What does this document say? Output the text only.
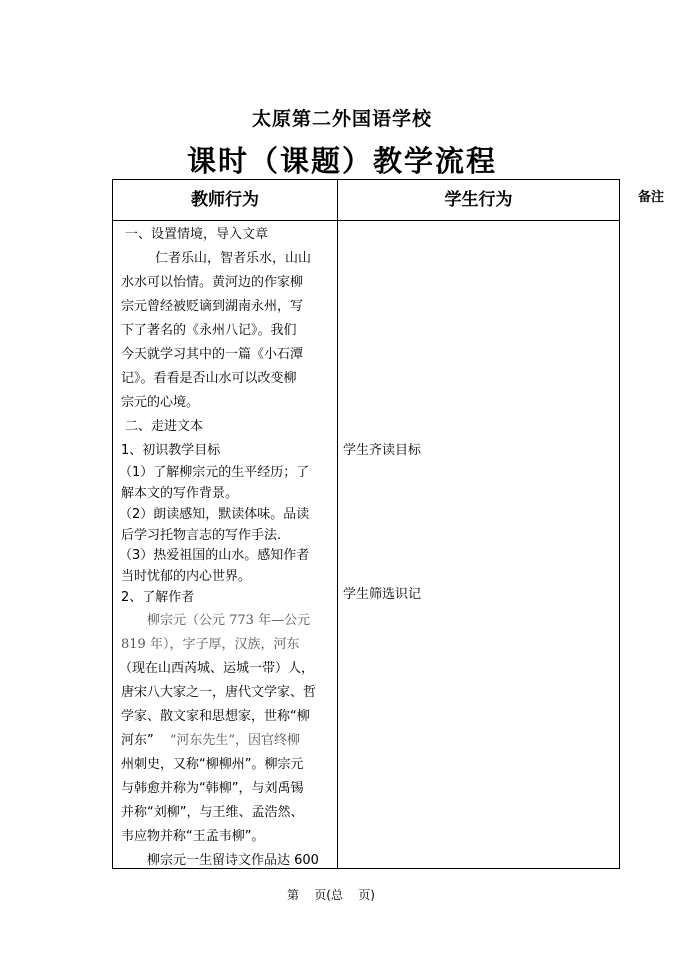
太原第二外国语学校
课时（课题）教学流程
教师行为	学生行为	备注
一、设置情境，导入文章
仁者乐山，智者乐水，山山
水水可以怡情。黄河边的作家柳
宗元曾经被贬谪到湖南永州，写
下了著名的《永州八记》。我们
今天就学习其中的一篇《小石潭
记》。看看是否山水可以改变柳
宗元的心境。
二、走进文本
1、初识教学目标
（1）了解柳宗元的生平经历；了
解本文的写作背景。
（2）朗读感知，默读体味。品读
后学习托物言志的写作手法.
（3）热爱祖国的山水。感知作者
当时忧郁的内心世界。
2、了解作者
柳宗元（公元 773 年—公元
819 年），字子厚，汉族，河东
（现在山西芮城、运城一带）人，
唐宋八大家之一，唐代文学家、哲
学家、散文家和思想家，世称“柳
河东” “河东先生”，因官终柳
州刺史，又称“柳柳州”。柳宗元
与韩愈并称为“韩柳”，与刘禹锡
并称“刘柳”，与王维、孟浩然、
韦应物并称“王孟韦柳”。
柳宗元一生留诗文作品达 600
学生齐读目标
学生筛选识记
第    页(总    页)
